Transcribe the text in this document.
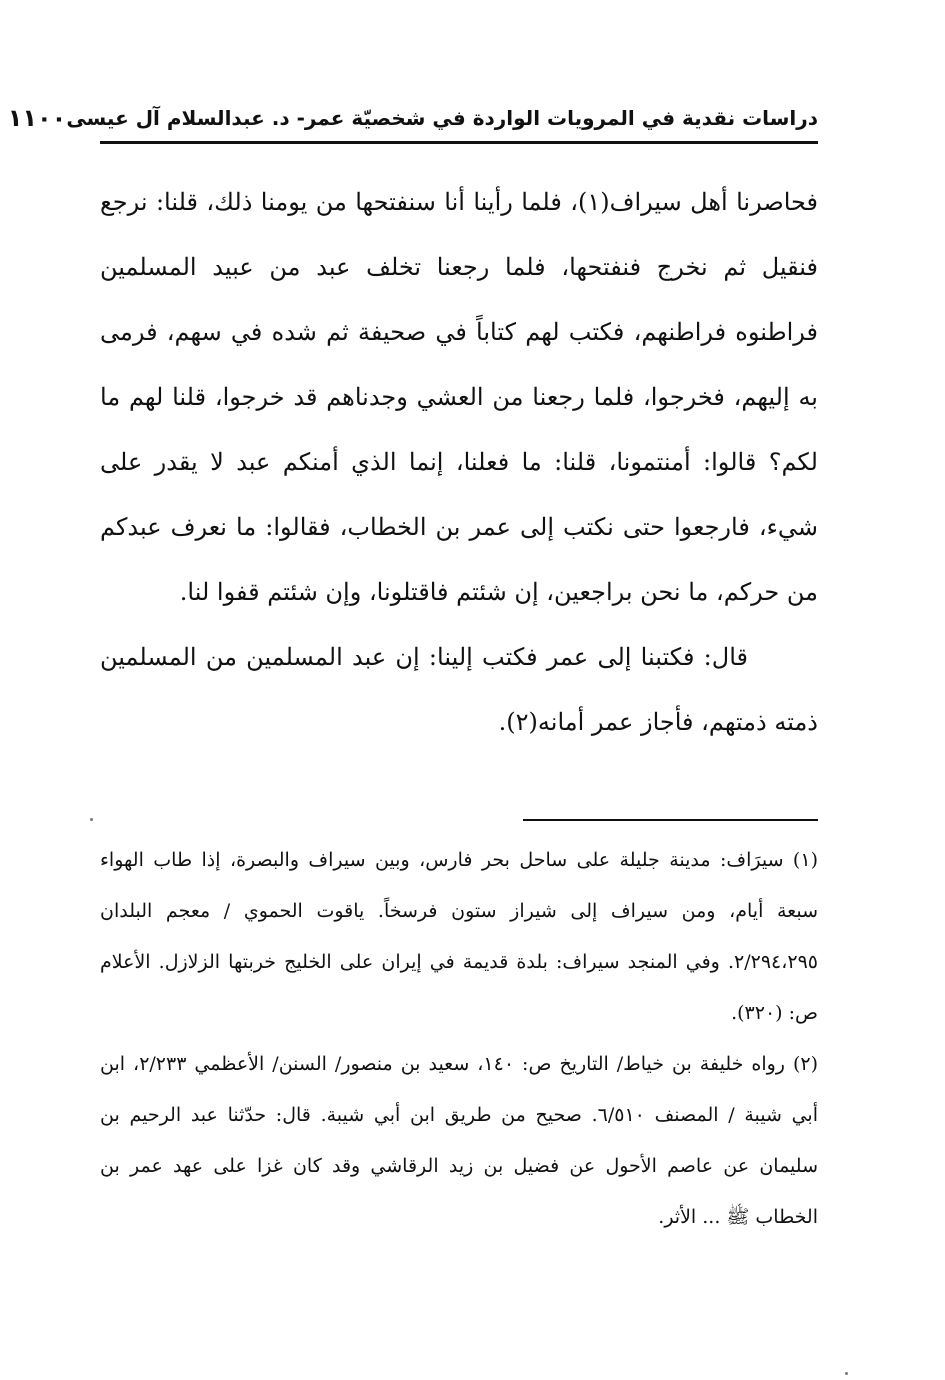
دراسات نقدية في المرويات الواردة في شخصيّة عمر- د. عبدالسلام آل عيسى
١١٠٠

فحاصرنا أهل سيراف(١)، فلما رأينا أنا سنفتحها من يومنا ذلك، قلنا: نرجع فنقيل ثم نخرج فنفتحها، فلما رجعنا تخلف عبد من عبيد المسلمين فراطنوه فراطنهم، فكتب لهم كتاباً في صحيفة ثم شده في سهم، فرمى به إليهم، فخرجوا، فلما رجعنا من العشي وجدناهم قد خرجوا، قلنا لهم ما لكم؟ قالوا: أمنتمونا، قلنا: ما فعلنا، إنما الذي أمنكم عبد لا يقدر على شيء، فارجعوا حتى نكتب إلى عمر بن الخطاب، فقالوا: ما نعرف عبدكم من حركم، ما نحن براجعين، إن شئتم فاقتلونا، وإن شئتم قفوا لنا.

قال: فكتبنا إلى عمر فكتب إلينا: إن عبد المسلمين من المسلمين ذمته ذمتهم، فأجاز عمر أمانه(٢).

(١) سيرَاف: مدينة جليلة على ساحل بحر فارس، وبين سيراف والبصرة، إذا طاب الهواء سبعة أيام، ومن سيراف إلى شيراز ستون فرسخاً. ياقوت الحموي / معجم البلدان ٢/٢٩٤،٢٩٥. وفي المنجد سيراف: بلدة قديمة في إيران على الخليج خربتها الزلازل. الأعلام ص: (٣٢٠).

(٢) رواه خليفة بن خياط/ التاريخ ص: ١٤٠، سعيد بن منصور/ السنن/ الأعظمي ٢/٢٣٣، ابن أبي شيبة / المصنف ٦/٥١٠. صحيح من طريق ابن أبي شيبة. قال: حدّثنا عبد الرحيم بن سليمان عن عاصم الأحول عن فضيل بن زيد الرقاشي وقد كان غزا على عهد عمر بن الخطاب ﷺ ... الأثر.
